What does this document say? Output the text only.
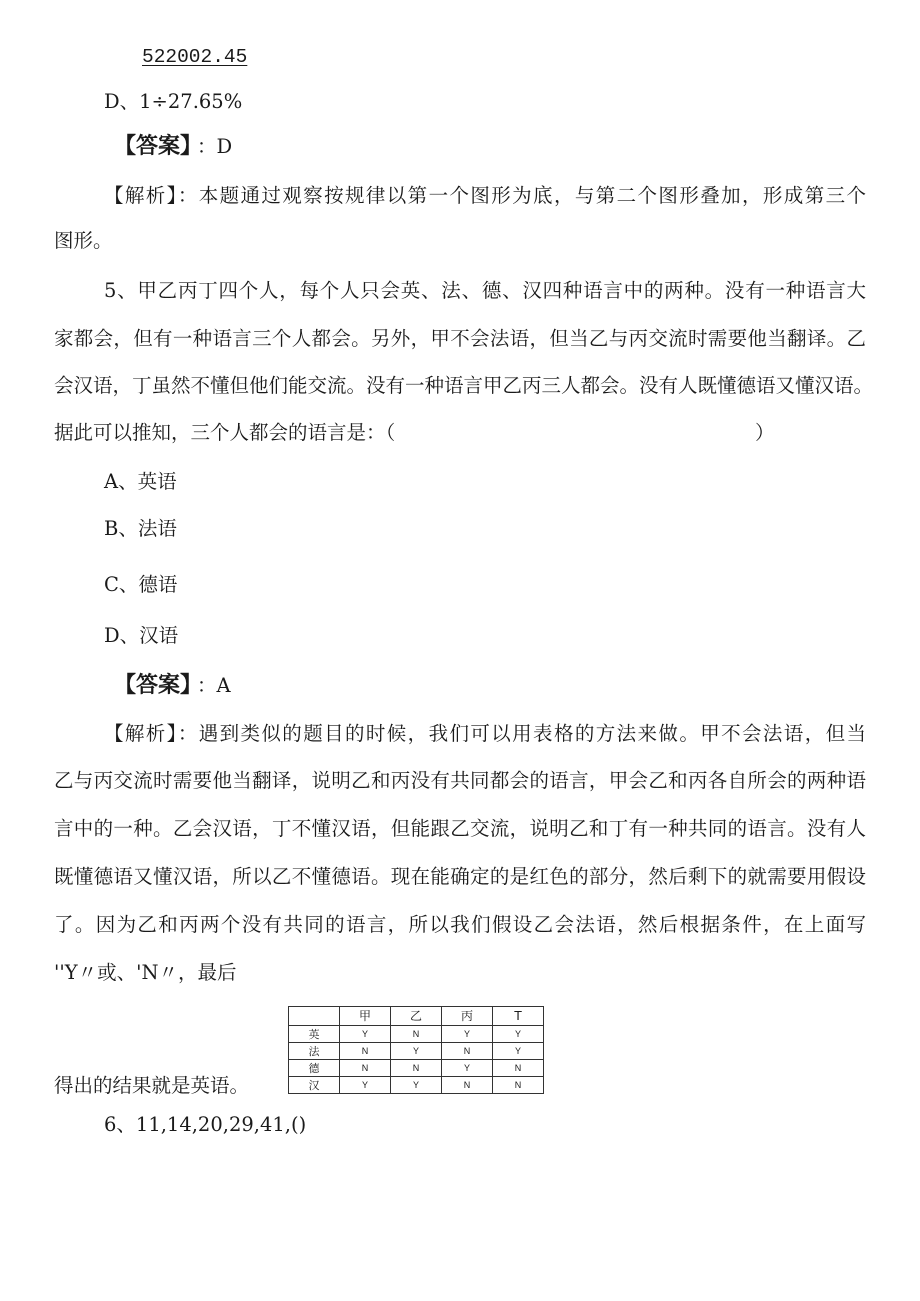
522002.45
D、1÷27.65%
【答案】 ：D
【解析】：本题通过观察按规律以第一个图形为底，与第二个图形叠加，形成第三个
图形。
5、甲乙丙丁四个人，每个人只会英、法、德、汉四种语言中的两种。没有一种语言大
家都会，但有一种语言三个人都会。另外，甲不会法语，但当乙与丙交流时需要他当翻译。乙
会汉语，丁虽然不懂但他们能交流。没有一种语言甲乙丙三人都会。没有人既懂德语又懂汉语。
据此可以推知，三个人都会的语言是：（	）
A、英语
B、法语
C、德语
D、汉语
【答案】 ：A
【解析】：遇到类似的题目的时候，我们可以用表格的方法来做。甲不会法语，但当
乙与丙交流时需要他当翻译，说明乙和丙没有共同都会的语言，甲会乙和丙各自所会的两种语
言中的一种。乙会汉语，丁不懂汉语，但能跟乙交流，说明乙和丁有一种共同的语言。没有人
既懂德语又懂汉语，所以乙不懂德语。现在能确定的是红色的部分，然后剩下的就需要用假设
了。因为乙和丙两个没有共同的语言，所以我们假设乙会法语，然后根据条件，在上面写
''Y〃或、'N〃，最后
	甲	乙	丙	T
英	Y	N	Y	Y
法	N	Y	N	Y
德	N	N	Y	N
汉	Y	Y	N	N
得出的结果就是英语。
6、11,14,20,29,41,()
